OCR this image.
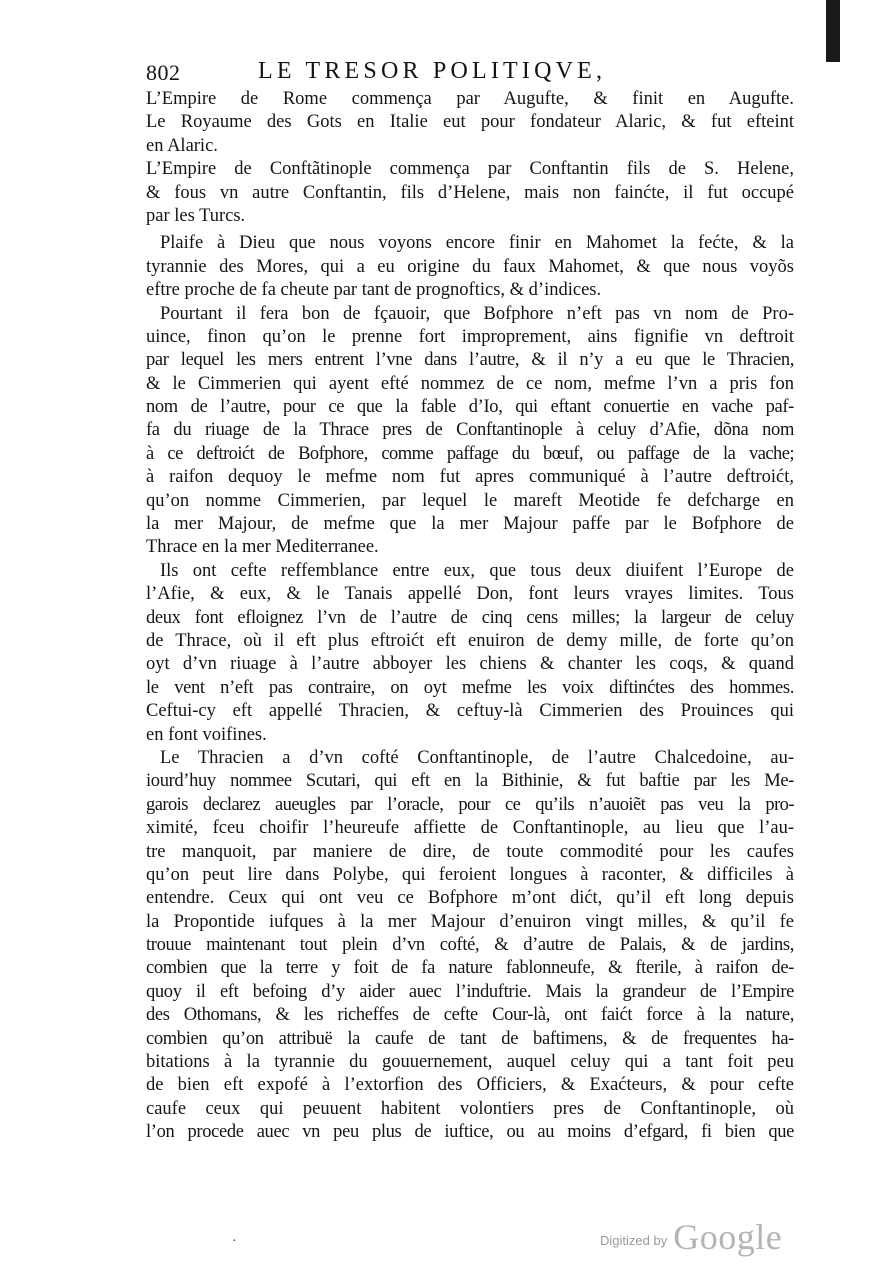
802	LE TRESOR POLITIQVE,
L’Empire de Rome commença par Augufte, & finit en Augufte.
Le Royaume des Gots en Italie eut pour fondateur Alaric, & fut efteint
en Alaric.
L’Empire de Conftãtinople commença par Conftantin fils de S. Helene,
& fous vn autre Conftantin, fils d’Helene, mais non fainćte, il fut occupé
par les Turcs.
Plaife à Dieu que nous voyons encore finir en Mahomet la fećte, & la
tyrannie des Mores, qui a eu origine du faux Mahomet, & que nous voyõs
eftre proche de fa cheute par tant de prognoftics, & d’indices.
Pourtant il fera bon de fçauoir, que Bofphore n’eft pas vn nom de Pro-
uince, finon qu’on le prenne fort improprement, ains fignifie vn deftroit
par lequel les mers entrent l’vne dans l’autre, & il n’y a eu que le Thracien,
& le Cimmerien qui ayent efté nommez de ce nom, mefme l’vn a pris fon
nom de l’autre, pour ce que la fable d’Io, qui eftant conuertie en vache paf-
fa du riuage de la Thrace pres de Conftantinople à celuy d’Afie, dõna nom
à ce deftroićt de Bofphore, comme paffage du bœuf, ou paffage de la vache;
à raifon dequoy le mefme nom fut apres communiqué à l’autre deftroićt,
qu’on nomme Cimmerien, par lequel le mareft Meotide fe defcharge en
la mer Majour, de mefme que la mer Majour paffe par le Bofphore de
Thrace en la mer Mediterranee.
Ils ont cefte reffemblance entre eux, que tous deux diuifent l’Europe de
l’Afie, & eux, & le Tanais appellé Don, font leurs vrayes limites. Tous
deux font efloignez l’vn de l’autre de cinq cens milles; la largeur de celuy
de Thrace, où il eft plus eftroićt eft enuiron de demy mille, de forte qu’on
oyt d’vn riuage à l’autre abboyer les chiens & chanter les coqs, & quand
le vent n’eft pas contraire, on oyt mefme les voix diftinćtes des hommes.
Ceftui-cy eft appellé Thracien, & ceftuy-là Cimmerien des Prouinces qui
en font voifines.
Le Thracien a d’vn cofté Conftantinople, de l’autre Chalcedoine, au-
iourd’huy nommee Scutari, qui eft en la Bithinie, & fut baftie par les Me-
garois declarez aueugles par l’oracle, pour ce qu’ils n’auoiẽt pas veu la pro-
ximité, fceu choifir l’heureufe affiette de Conftantinople, au lieu que l’au-
tre manquoit, par maniere de dire, de toute commodité pour les caufes
qu’on peut lire dans Polybe, qui feroient longues à raconter, & difficiles à
entendre. Ceux qui ont veu ce Bofphore m’ont dićt, qu’il eft long depuis
la Propontide iufques à la mer Majour d’enuiron vingt milles, & qu’il fe
trouue maintenant tout plein d’vn cofté, & d’autre de Palais, & de jardins,
combien que la terre y foit de fa nature fablonneufe, & fterile, à raifon de-
quoy il eft befoing d’y aider auec l’induftrie. Mais la grandeur de l’Empire
des Othomans, & les richeffes de cefte Cour-là, ont faićt force à la nature,
combien qu’on attribuë la caufe de tant de baftimens, & de frequentes ha-
bitations à la tyrannie du gouuernement, auquel celuy qui a tant foit peu
de bien eft expofé à l’extorfion des Officiers, & Exaćteurs, & pour cefte
caufe ceux qui peuuent habitent volontiers pres de Conftantinople, où
l’on procede auec vn peu plus de iuftice, ou au moins d’efgard, fi bien que
·	$^{Digitized by}$ Google
